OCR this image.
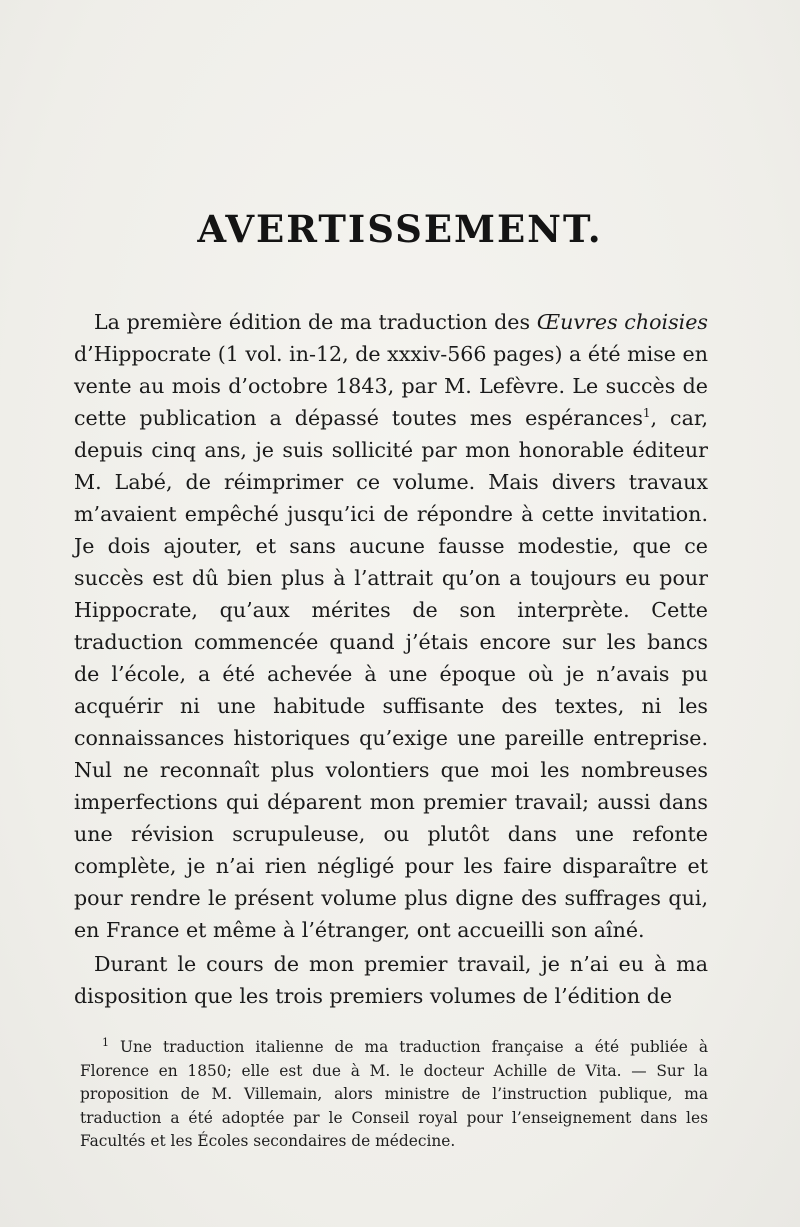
AVERTISSEMENT.

La première édition de ma traduction des Œuvres choisies d’Hippocrate (1 vol. in-12, de xxxiv-566 pages) a été mise en vente au mois d’octobre 1843, par M. Lefèvre. Le succès de cette publication a dépassé toutes mes espérances$^1$, car, depuis cinq ans, je suis sollicité par mon honorable éditeur M. Labé, de réimprimer ce volume. Mais divers travaux m’avaient empêché jusqu’ici de répondre à cette invitation. Je dois ajouter, et sans aucune fausse modestie, que ce succès est dû bien plus à l’attrait qu’on a toujours eu pour Hippocrate, qu’aux mérites de son interprète. Cette traduction commencée quand j’étais encore sur les bancs de l’école, a été achevée à une époque où je n’avais pu acquérir ni une habitude suffisante des textes, ni les connaissances historiques qu’exige une pareille entreprise. Nul ne reconnaît plus volontiers que moi les nombreuses imperfections qui déparent mon premier travail; aussi dans une révision scrupuleuse, ou plutôt dans une refonte complète, je n’ai rien négligé pour les faire disparaître et pour rendre le présent volume plus digne des suffrages qui, en France et même à l’étranger, ont accueilli son aîné.

Durant le cours de mon premier travail, je n’ai eu à ma disposition que les trois premiers volumes de l’édition de

$^1$ Une traduction italienne de ma traduction française a été publiée à Florence en 1850; elle est due à M. le docteur Achille de Vita. — Sur la proposition de M. Villemain, alors ministre de l’instruction publique, ma traduction a été adoptée par le Conseil royal pour l’enseignement dans les Facultés et les Écoles secondaires de médecine.
